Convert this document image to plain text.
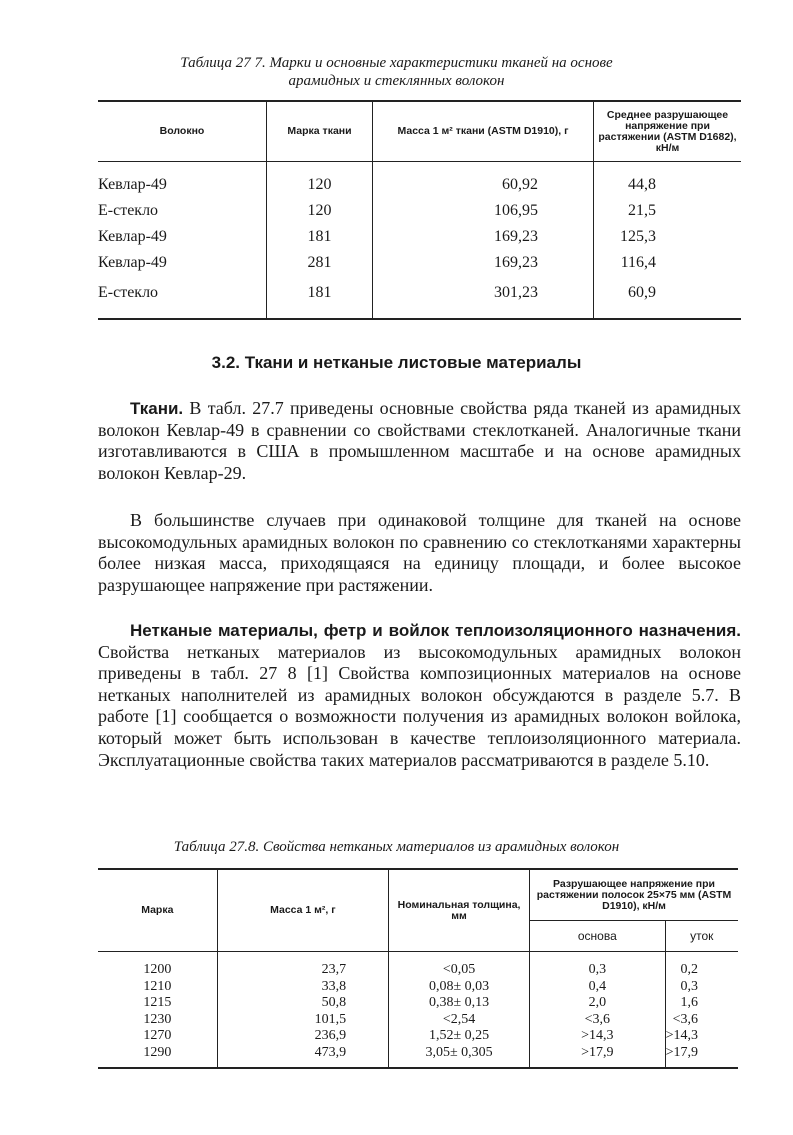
Таблица 27 7. Марки и основные характеристики тканей на основе
арамидных и стеклянных волокон
Волокно	Марка ткани	Масса 1 м² ткани (ASTM D1910), г	Среднее разрушающее напряжение при растяжении (ASTM D1682), кН/м
Кевлар-49	120	60,92	44,8
Е-стекло	120	106,95	21,5
Кевлар-49	181	169,23	125,3
Кевлар-49	281	169,23	116,4
Е-стекло	181	301,23	60,9
3.2. Ткани и нетканые листовые материалы

Ткани. В табл. 27.7 приведены основные свойства ряда тканей из арамидных волокон Кевлар-49 в сравнении со свойствами стеклотканей. Аналогичные ткани изготавливаются в США в промышленном масштабе и на основе арамидных волокон Кевлар-29.

В большинстве случаев при одинаковой толщине для тканей на основе высокомодульных арамидных волокон по сравнению со стеклотканями характерны более низкая масса, приходящаяся на единицу площади, и более высокое разрушающее напряжение при растяжении.

Нетканые материалы, фетр и войлок теплоизоляционного назначения. Свойства нетканых материалов из высокомодульных арамидных волокон приведены в табл. 27 8 [1] Свойства композиционных материалов на основе нетканых наполнителей из арамидных волокон обсуждаются в разделе 5.7. В работе [1] сообщается о возможности получения из арамидных волокон войлока, который может быть использован в качестве теплоизоляционного материала. Эксплуатационные свойства таких материалов рассматриваются в разделе 5.10.

Таблица 27.8. Свойства нетканых материалов из арамидных волокон
Марка	Масса 1 м², г	Номинальная толщина, мм	Разрушающее напряжение при растяжении полосок 25×75 мм (ASTM D1910), кН/м	
			основа	уток
1200	23,7	<0,05	0,3	0,2
1210	33,8	0,08± 0,03	0,4	0,3
1215	50,8	0,38± 0,13	2,0	1,6
1230	101,5	<2,54	<3,6	<3,6
1270	236,9	1,52± 0,25	>14,3	>14,3
1290	473,9	3,05± 0,305	>17,9	>17,9
